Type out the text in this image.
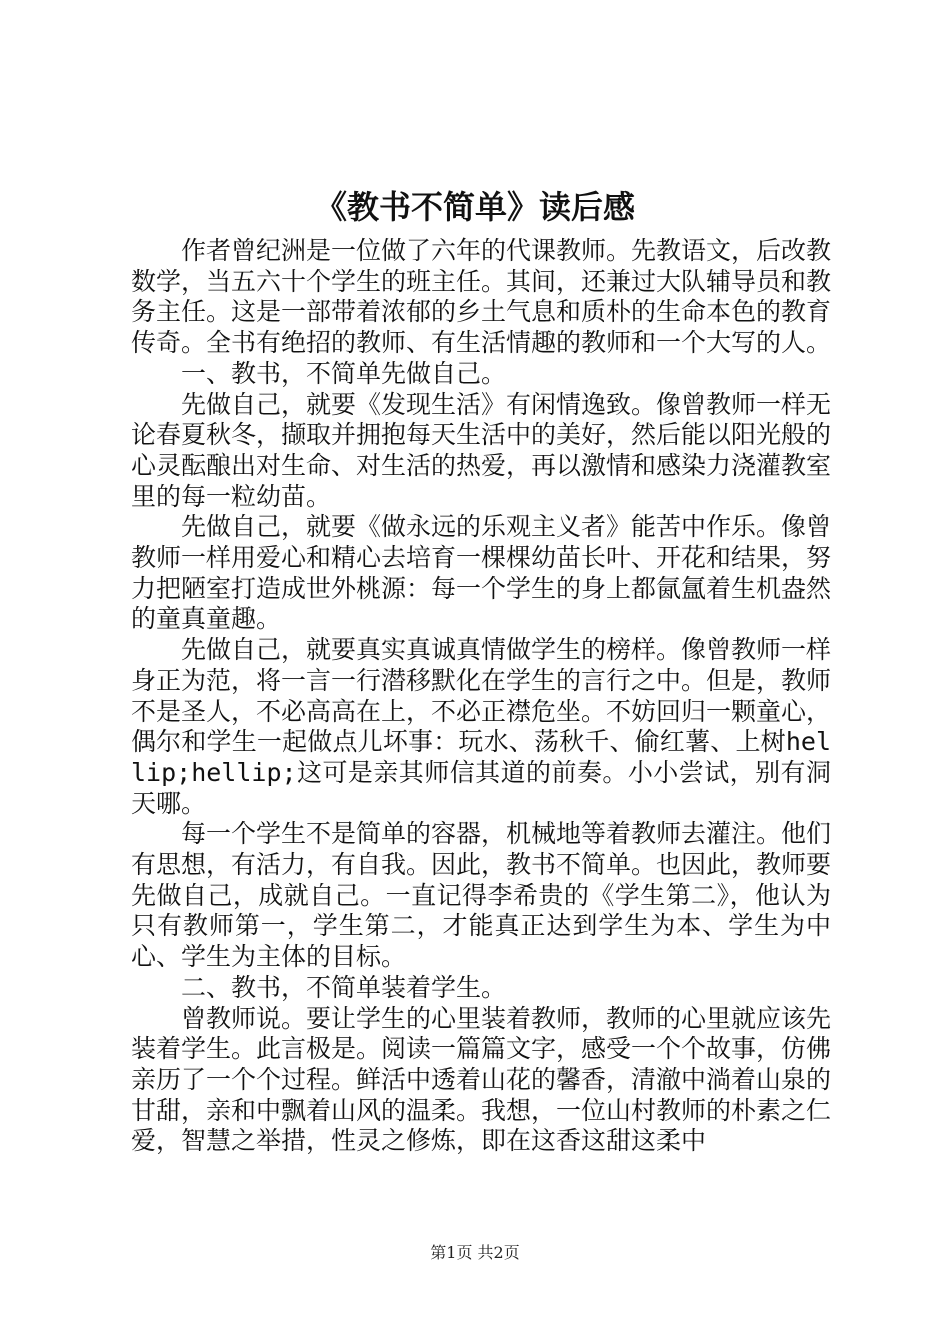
《教书不简单》读后感

作者曾纪洲是一位做了六年的代课教师。先教语文，后改教数学，当五六十个学生的班主任。其间，还兼过大队辅导员和教务主任。这是一部带着浓郁的乡土气息和质朴的生命本色的教育传奇。全书有绝招的教师、有生活情趣的教师和一个大写的人。

一、教书，不简单先做自己。

先做自己，就要《发现生活》有闲情逸致。像曾教师一样无论春夏秋冬，撷取并拥抱每天生活中的美好，然后能以阳光般的心灵酝酿出对生命、对生活的热爱，再以激情和感染力浇灌教室里的每一粒幼苗。

先做自己，就要《做永远的乐观主义者》能苦中作乐。像曾教师一样用爱心和精心去培育一棵棵幼苗长叶、开花和结果，努力把陋室打造成世外桃源：每一个学生的身上都氤氲着生机盎然的童真童趣。

先做自己，就要真实真诚真情做学生的榜样。像曾教师一样身正为范，将一言一行潜移默化在学生的言行之中。但是，教师不是圣人，不必高高在上，不必正襟危坐。不妨回归一颗童心，偶尔和学生一起做点儿坏事：玩水、荡秋千、偷红薯、上树hellip;hellip;这可是亲其师信其道的前奏。小小尝试，别有洞天哪。

每一个学生不是简单的容器，机械地等着教师去灌注。他们有思想，有活力，有自我。因此，教书不简单。也因此，教师要先做自己，成就自己。一直记得李希贵的《学生第二》，他认为只有教师第一，学生第二，才能真正达到学生为本、学生为中心、学生为主体的目标。

二、教书，不简单装着学生。

曾教师说。要让学生的心里装着教师，教师的心里就应该先装着学生。此言极是。阅读一篇篇文字，感受一个个故事，仿佛亲历了一个个过程。鲜活中透着山花的馨香，清澈中淌着山泉的甘甜，亲和中飘着山风的温柔。我想，一位山村教师的朴素之仁爱，智慧之举措，性灵之修炼，即在这香这甜这柔中

第1页 共2页
